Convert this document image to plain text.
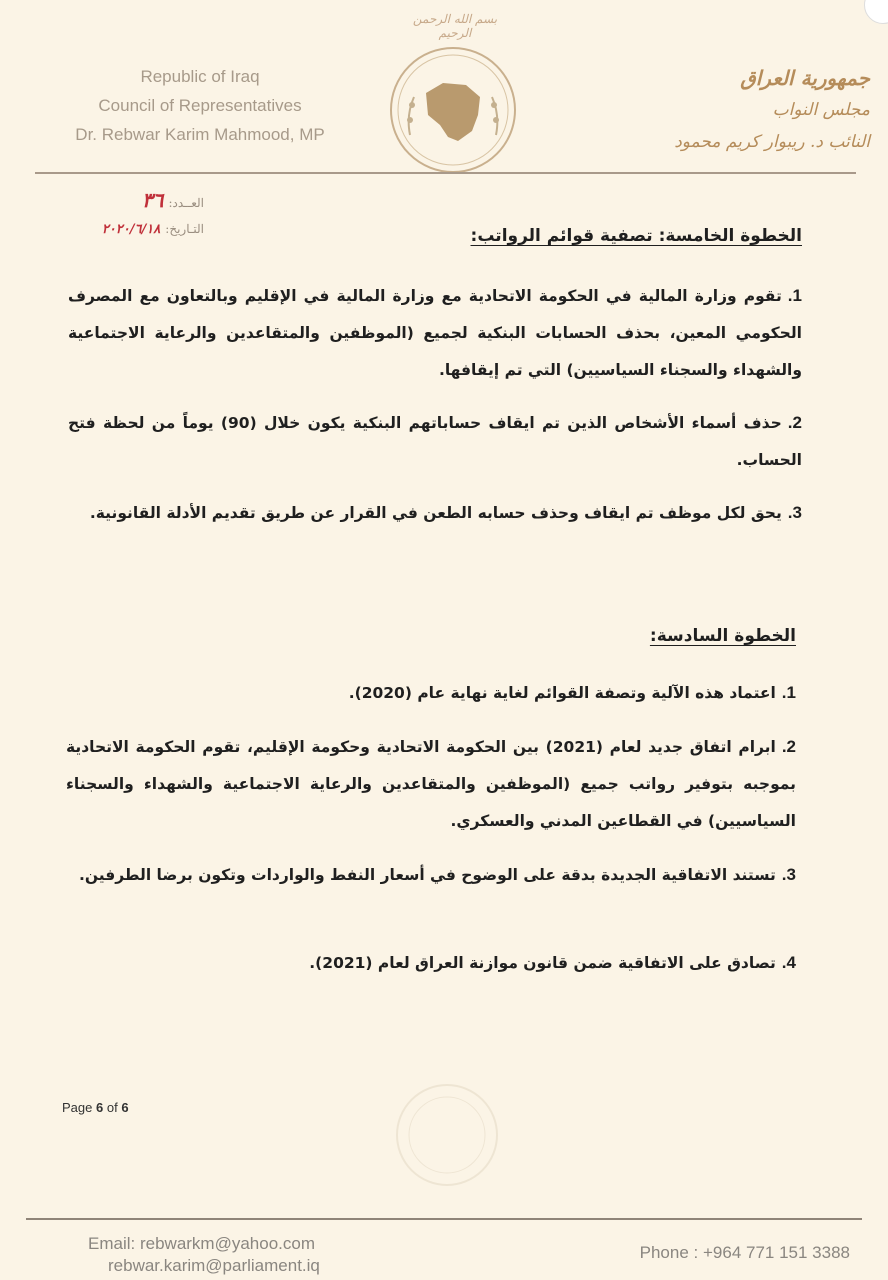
Republic of Iraq
Council of Representatives
Dr. Rebwar Karim Mahmood, MP
بسم الله الرحمن الرحيم
جمهورية العراق
مجلس النواب
النائب د. ريبوار كريم محمود
العــدد: ٣٦
التـاريخ: ٢٠٢٠/٦/١٨	الخطوة الخامسة: تصفية قوائم الرواتب:
1.تقوم وزارة المالية في الحكومة الاتحادية مع وزارة المالية في الإقليم وبالتعاون مع المصرف الحكومي المعين، بحذف الحسابات البنكية لجميع (الموظفين والمتقاعدين والرعاية الاجتماعية والشهداء والسجناء السياسيين) التي تم إيقافها.
2.حذف أسماء الأشخاص الذين تم ايقاف حساباتهم البنكية يكون خلال (90) يوماً من لحظة فتح الحساب.
3.يحق لكل موظف تم ايقاف وحذف حسابه الطعن في القرار عن طريق تقديم الأدلة القانونية.
الخطوة السادسة:
1.اعتماد هذه الآلية وتصفة القوائم لغاية نهاية عام (2020).
2.ابرام اتفاق جديد لعام (2021) بين الحكومة الاتحادية وحكومة الإقليم، تقوم الحكومة الاتحادية بموجبه بتوفير رواتب جميع (الموظفين والمتقاعدين والرعاية الاجتماعية والشهداء والسجناء السياسيين) في القطاعين المدني والعسكري.
3.تستند الاتفاقية الجديدة بدقة على الوضوح في أسعار النفط والواردات وتكون برضا الطرفين.
4.تصادق على الاتفاقية ضمن قانون موازنة العراق لعام (2021).
Page 6 of 6
Email: rebwarkm@yahoo.com
rebwar.karim@parliament.iq
Phone : +964 771 151 3388
